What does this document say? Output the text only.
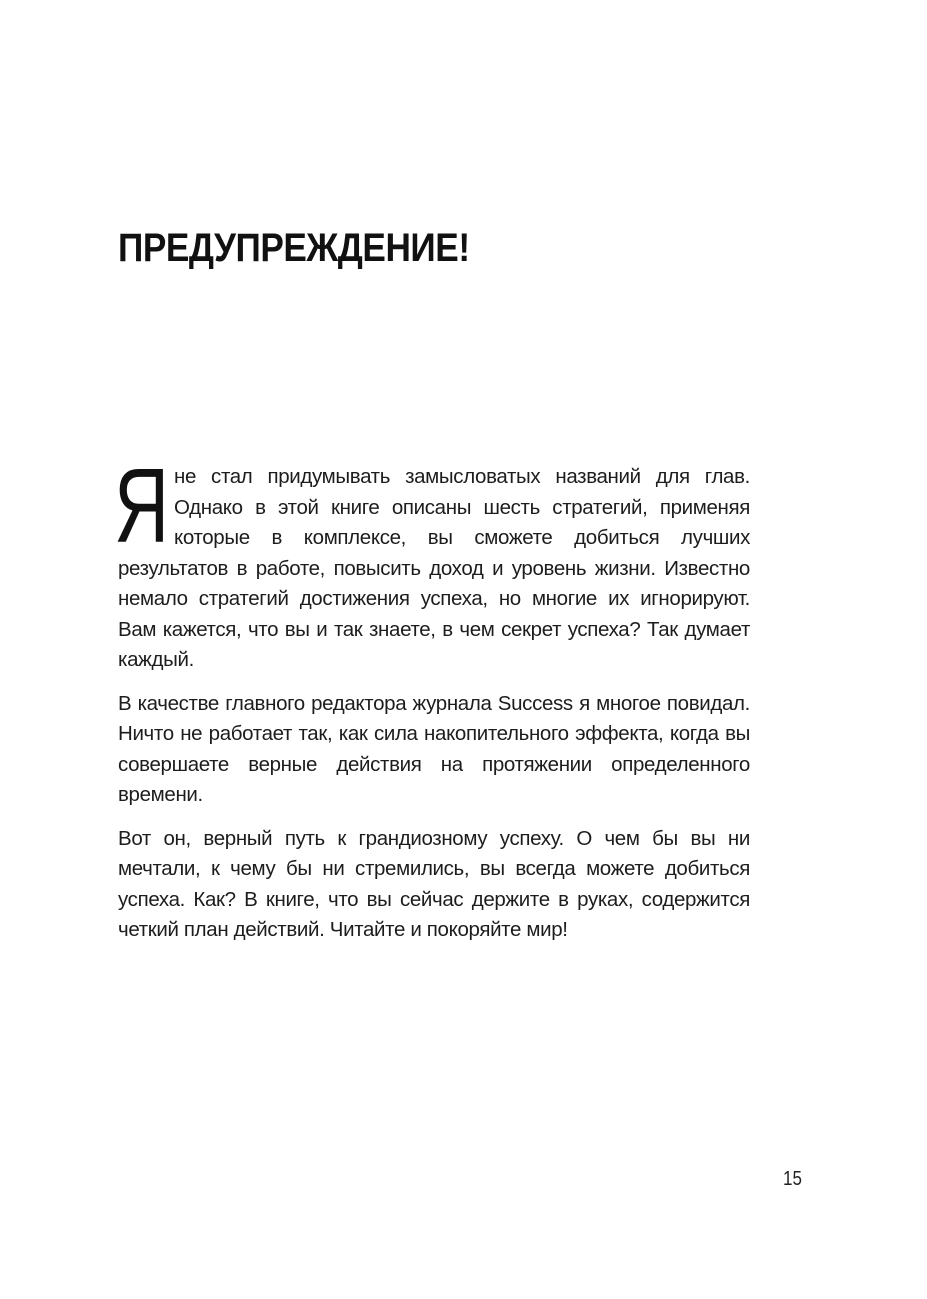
ПРЕДУПРЕЖДЕНИЕ!

Я не стал придумывать замысловатых названий для глав. Однако в этой книге описаны шесть стратегий, применяя которые в комплексе, вы сможете добиться лучших результатов в работе, повысить доход и уровень жизни. Известно немало стратегий достижения успеха, но многие их игнорируют. Вам кажется, что вы и так знаете, в чем секрет успеха? Так думает каждый.

В качестве главного редактора журнала Success я многое повидал. Ничто не работает так, как сила накопительного эффекта, когда вы совершаете верные действия на протяжении определенного времени.

Вот он, верный путь к грандиозному успеху. О чем бы вы ни мечтали, к чему бы ни стремились, вы всегда можете добиться успеха. Как? В книге, что вы сейчас держите в руках, содержится четкий план действий. Читайте и покоряйте мир!

15
